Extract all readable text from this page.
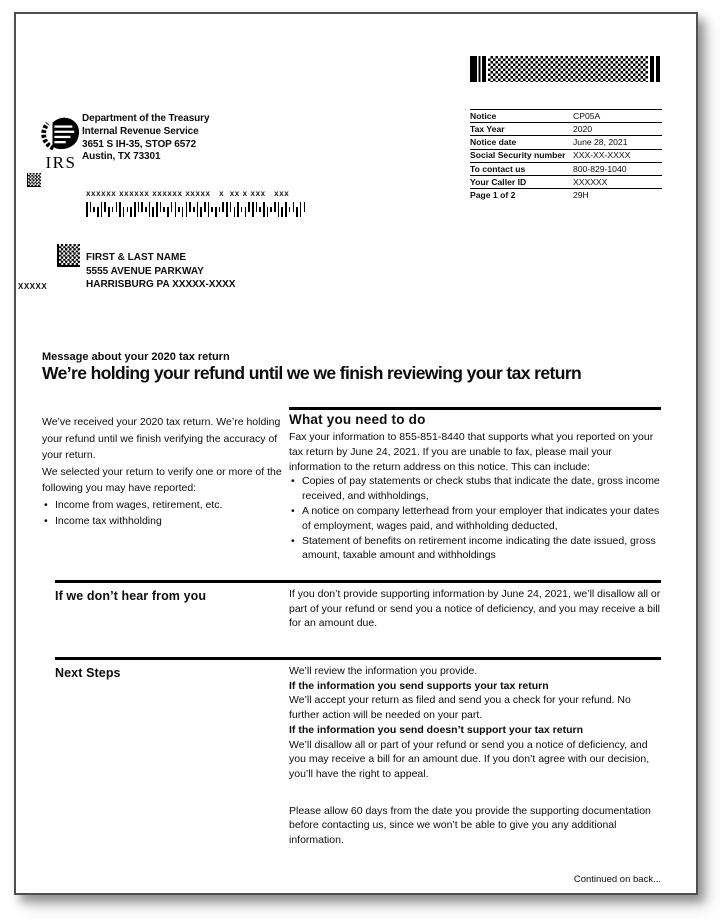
IRS
Department of the Treasury
Internal Revenue Service
3651 S IH-35, STOP 6572
Austin, TX 73301
Notice	CP05A
Tax Year	2020
Notice date	June 28, 2021
Social Security number XXX-XX-XXXX
To contact us	800-829-1040
Your Caller ID	XXXXXX
Page 1 of 2	29H
xxxxxx xxxxxx xxxxxx xxxxx   x  xx x xxx   xxx
XXXXX
FIRST & LAST NAME
5555 AVENUE PARKWAY
HARRISBURG PA XXXXX-XXXX
Message about your 2020 tax return
We’re holding your refund until we we finish reviewing your tax return

We’ve received your 2020 tax return. We’re holding your refund until we finish verifying the accuracy of your return.

We selected your return to verify one or more of the following you may have reported:

• Income from wages, retirement, etc.
• Income tax withholding
What you need to do

Fax your information to 855-851-8440 that supports what you reported on your tax return by June 24, 2021. If you are unable to fax, please mail your information to the return address on this notice. This can include:

• Copies of pay statements or check stubs that indicate the date, gross income received, and withholdings,
• A notice on company letterhead from your employer that indicates your dates of employment, wages paid, and withholding deducted,
• Statement of benefits on retirement income indicating the date issued, gross amount, taxable amount and withholdings
If we don’t hear from you	If you don’t provide supporting information by June 24, 2021, we’ll disallow all or part of your refund or send you a notice of deficiency, and you may receive a bill for an amount due.

Next Steps	We’ll review the information you provide.

If the information you send supports your tax return

We’ll accept your return as filed and send you a check for your refund. No further action will be needed on your part.

If the information you send doesn’t support your tax return

We’ll disallow all or part of your refund or send you a notice of deficiency, and you may receive a bill for an amount due. If you don’t agree with our decision, you’ll have the right to appeal.

Please allow 60 days from the date you provide the supporting documentation before contacting us, since we won’t be able to give you any additional information.

Continued on back...
